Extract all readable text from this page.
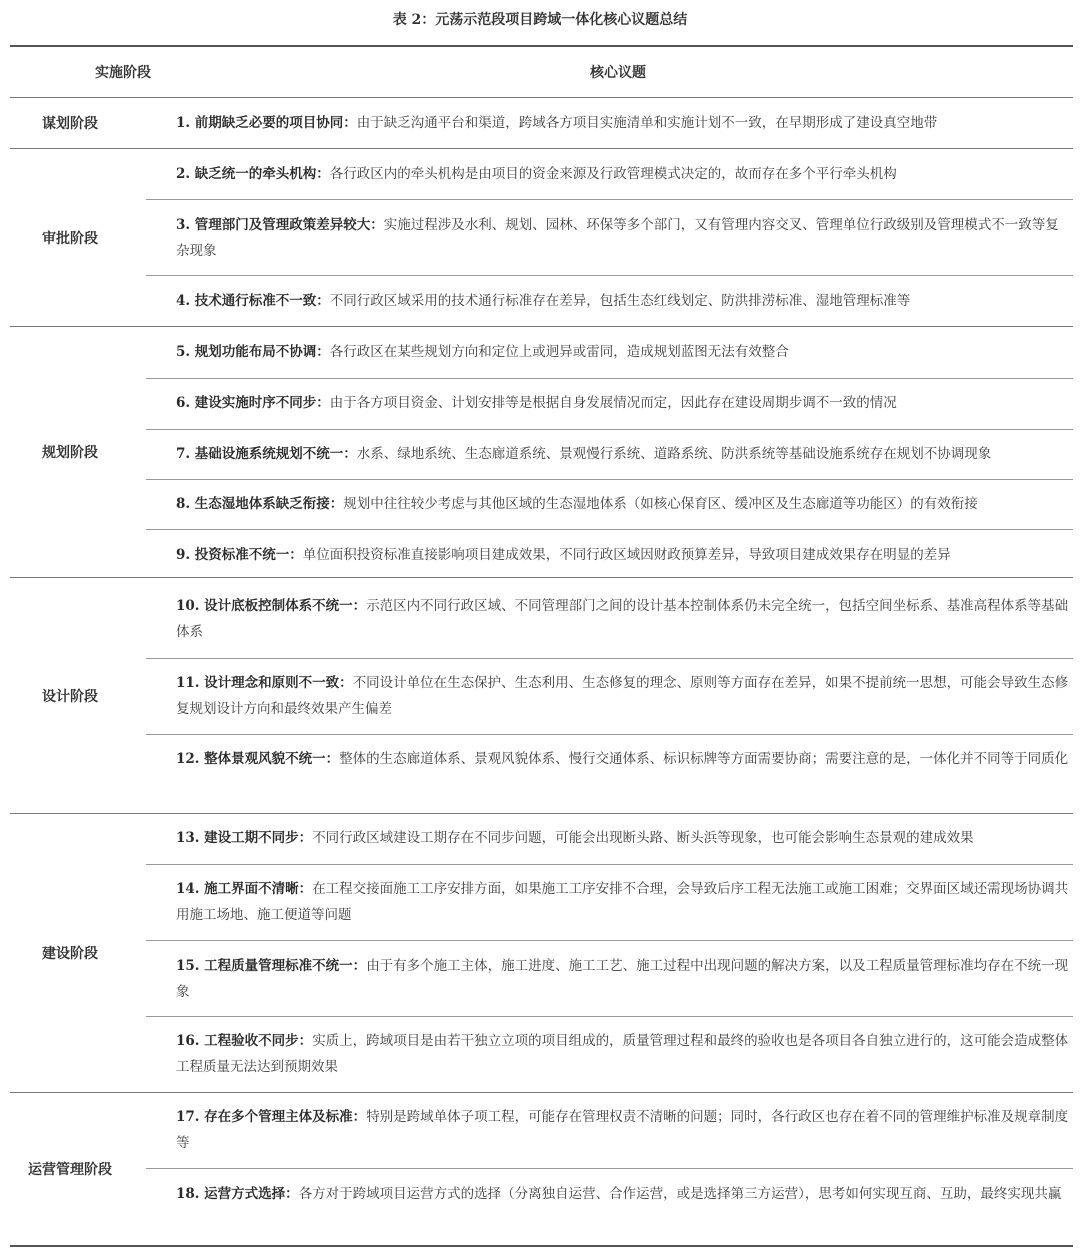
表 2：元荡示范段项目跨域一体化核心议题总结
实施阶段	核心议题
谋划阶段
审批阶段
规划阶段
设计阶段
建设阶段
运营管理阶段
1. 前期缺乏必要的项目协同：由于缺乏沟通平台和渠道，跨域各方项目实施清单和实施计划不一致，在早期形成了建设真空地带
2. 缺乏统一的牵头机构：各行政区内的牵头机构是由项目的资金来源及行政管理模式决定的，故而存在多个平行牵头机构
3. 管理部门及管理政策差异较大：实施过程涉及水利、规划、园林、环保等多个部门，又有管理内容交叉、管理单位行政级别及管理模式不一致等复杂现象
4. 技术通行标准不一致：不同行政区域采用的技术通行标准存在差异，包括生态红线划定、防洪排涝标准、湿地管理标准等
5. 规划功能布局不协调：各行政区在某些规划方向和定位上或迥异或雷同，造成规划蓝图无法有效整合
6. 建设实施时序不同步：由于各方项目资金、计划安排等是根据自身发展情况而定，因此存在建设周期步调不一致的情况
7. 基础设施系统规划不统一：水系、绿地系统、生态廊道系统、景观慢行系统、道路系统、防洪系统等基础设施系统存在规划不协调现象
8. 生态湿地体系缺乏衔接：规划中往往较少考虑与其他区域的生态湿地体系（如核心保育区、缓冲区及生态廊道等功能区）的有效衔接
9. 投资标准不统一：单位面积投资标准直接影响项目建成效果，不同行政区域因财政预算差异，导致项目建成效果存在明显的差异
10. 设计底板控制体系不统一：示范区内不同行政区域、不同管理部门之间的设计基本控制体系仍未完全统一，包括空间坐标系、基准高程体系等基础体系
11. 设计理念和原则不一致：不同设计单位在生态保护、生态利用、生态修复的理念、原则等方面存在差异，如果不提前统一思想，可能会导致生态修复规划设计方向和最终效果产生偏差
12. 整体景观风貌不统一：整体的生态廊道体系、景观风貌体系、慢行交通体系、标识标牌等方面需要协商；需要注意的是，一体化并不同等于同质化
13. 建设工期不同步：不同行政区域建设工期存在不同步问题，可能会出现断头路、断头浜等现象，也可能会影响生态景观的建成效果
14. 施工界面不清晰：在工程交接面施工工序安排方面，如果施工工序安排不合理，会导致后序工程无法施工或施工困难；交界面区域还需现场协调共用施工场地、施工便道等问题
15. 工程质量管理标准不统一：由于有多个施工主体，施工进度、施工工艺、施工过程中出现问题的解决方案，以及工程质量管理标准均存在不统一现象
16. 工程验收不同步：实质上，跨域项目是由若干独立立项的项目组成的，质量管理过程和最终的验收也是各项目各自独立进行的，这可能会造成整体工程质量无法达到预期效果
17. 存在多个管理主体及标准：特别是跨域单体子项工程，可能存在管理权责不清晰的问题；同时，各行政区也存在着不同的管理维护标准及规章制度等
18. 运营方式选择：各方对于跨域项目运营方式的选择（分离独自运营、合作运营，或是选择第三方运营），思考如何实现互商、互助，最终实现共赢
